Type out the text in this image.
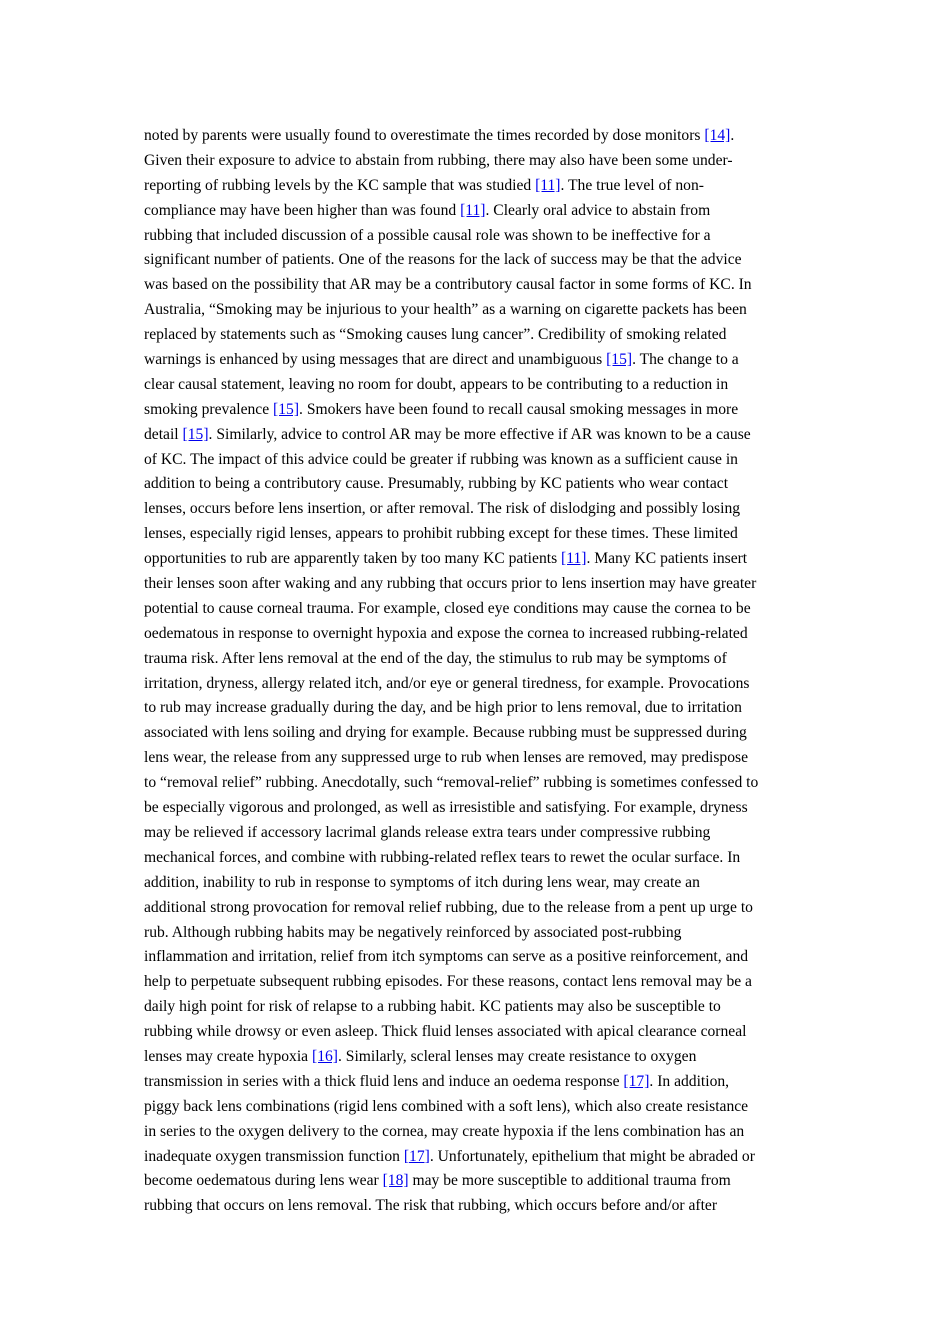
noted by parents were usually found to overestimate the times recorded by dose monitors [14].
Given their exposure to advice to abstain from rubbing, there may also have been some under-
reporting of rubbing levels by the KC sample that was studied [11]. The true level of non-
compliance may have been higher than was found [11]. Clearly oral advice to abstain from
rubbing that included discussion of a possible causal role was shown to be ineffective for a
significant number of patients. One of the reasons for the lack of success may be that the advice
was based on the possibility that AR may be a contributory causal factor in some forms of KC. In
Australia, “Smoking may be injurious to your health” as a warning on cigarette packets has been
replaced by statements such as “Smoking causes lung cancer”. Credibility of smoking related
warnings is enhanced by using messages that are direct and unambiguous [15]. The change to a
clear causal statement, leaving no room for doubt, appears to be contributing to a reduction in
smoking prevalence [15]. Smokers have been found to recall causal smoking messages in more
detail [15]. Similarly, advice to control AR may be more effective if AR was known to be a cause
of KC. The impact of this advice could be greater if rubbing was known as a sufficient cause in
addition to being a contributory cause. Presumably, rubbing by KC patients who wear contact
lenses, occurs before lens insertion, or after removal. The risk of dislodging and possibly losing
lenses, especially rigid lenses, appears to prohibit rubbing except for these times. These limited
opportunities to rub are apparently taken by too many KC patients [11]. Many KC patients insert
their lenses soon after waking and any rubbing that occurs prior to lens insertion may have greater
potential to cause corneal trauma. For example, closed eye conditions may cause the cornea to be
oedematous in response to overnight hypoxia and expose the cornea to increased rubbing-related
trauma risk. After lens removal at the end of the day, the stimulus to rub may be symptoms of
irritation, dryness, allergy related itch, and/or eye or general tiredness, for example. Provocations
to rub may increase gradually during the day, and be high prior to lens removal, due to irritation
associated with lens soiling and drying for example. Because rubbing must be suppressed during
lens wear, the release from any suppressed urge to rub when lenses are removed, may predispose
to “removal relief” rubbing. Anecdotally, such “removal-relief” rubbing is sometimes confessed to
be especially vigorous and prolonged, as well as irresistible and satisfying. For example, dryness
may be relieved if accessory lacrimal glands release extra tears under compressive rubbing
mechanical forces, and combine with rubbing-related reflex tears to rewet the ocular surface. In
addition, inability to rub in response to symptoms of itch during lens wear, may create an
additional strong provocation for removal relief rubbing, due to the release from a pent up urge to
rub. Although rubbing habits may be negatively reinforced by associated post-rubbing
inflammation and irritation, relief from itch symptoms can serve as a positive reinforcement, and
help to perpetuate subsequent rubbing episodes. For these reasons, contact lens removal may be a
daily high point for risk of relapse to a rubbing habit. KC patients may also be susceptible to
rubbing while drowsy or even asleep. Thick fluid lenses associated with apical clearance corneal
lenses may create hypoxia [16]. Similarly, scleral lenses may create resistance to oxygen
transmission in series with a thick fluid lens and induce an oedema response [17]. In addition,
piggy back lens combinations (rigid lens combined with a soft lens), which also create resistance
in series to the oxygen delivery to the cornea, may create hypoxia if the lens combination has an
inadequate oxygen transmission function [17]. Unfortunately, epithelium that might be abraded or
become oedematous during lens wear [18] may be more susceptible to additional trauma from
rubbing that occurs on lens removal. The risk that rubbing, which occurs before and/or after
